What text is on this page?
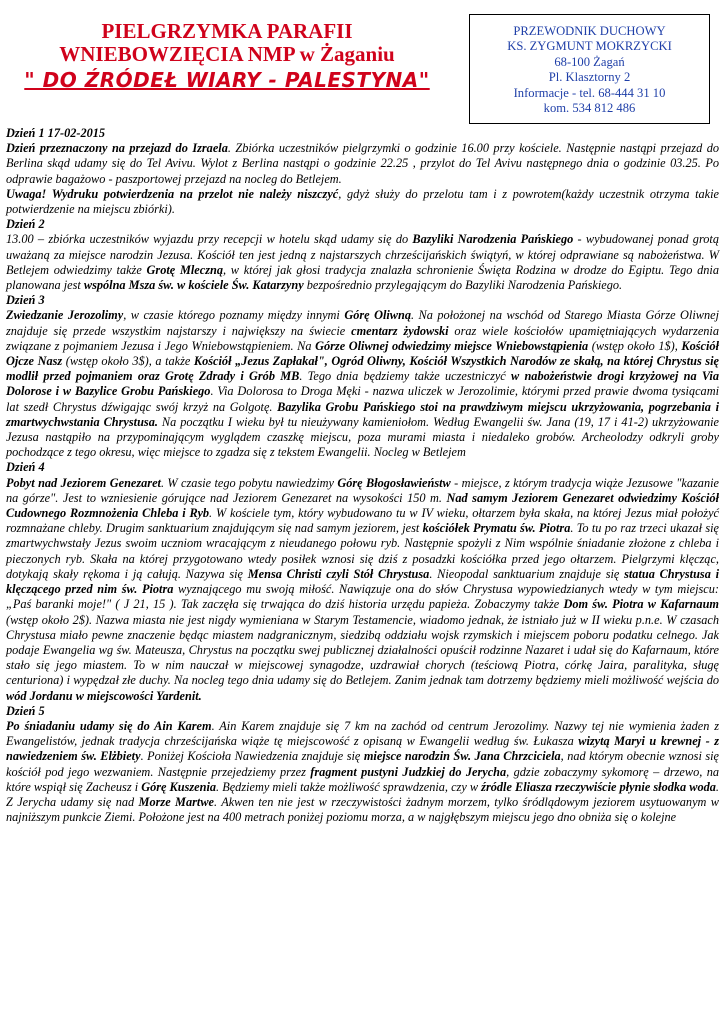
PIELGRZYMKA PARAFII
WNIEBOWZIĘCIA NMP w Żaganiu
" DO ŹRÓDEŁ WIARY - PALESTYNA"
PRZEWODNIK DUCHOWY
KS. ZYGMUNT MOKRZYCKI
68-100 Żagań
Pl. Klasztorny 2
Informacje - tel. 68-444 31 10
kom. 534 812 486
Dzień 1 17-02-2015

Dzień przeznaczony na przejazd do Izraela. Zbiórka uczestników pielgrzymki o godzinie 16.00 przy kościele. Następnie nastąpi przejazd do Berlina skąd udamy się do Tel Avivu. Wylot z Berlina nastąpi o godzinie 22.25 , przylot do Tel Avivu następnego dnia o godzinie 03.25. Po odprawie bagażowo - paszportowej przejazd na nocleg do Betlejem.

Uwaga! Wydruku potwierdzenia na przelot nie należy niszczyć, gdyż służy do przelotu tam i z powrotem(każdy uczestnik otrzyma takie potwierdzenie na miejscu zbiórki).

Dzień 2

13.00 – zbiórka uczestników wyjazdu przy recepcji w hotelu skąd udamy się do Bazyliki Narodzenia Pańskiego - wybudowanej ponad grotą uważaną za miejsce narodzin Jezusa. Kościół ten jest jedną z najstarszych chrześcijańskich świątyń, w której odprawiane są nabożeństwa. W Betlejem odwiedzimy także Grotę Mleczną, w której jak głosi tradycja znalazła schronienie Święta Rodzina w drodze do Egiptu. Tego dnia planowana jest wspólna Msza św. w kościele Św. Katarzyny bezpośrednio przylegającym do Bazyliki Narodzenia Pańskiego.

Dzień 3

Zwiedzanie Jerozolimy, w czasie którego poznamy między innymi Górę Oliwną. Na położonej na wschód od Starego Miasta Górze Oliwnej znajduje się przede wszystkim najstarszy i największy na świecie cmentarz żydowski oraz wiele kościołów upamiętniających wydarzenia związane z pojmaniem Jezusa i Jego Wniebowstąpieniem. Na Górze Oliwnej odwiedzimy miejsce Wniebowstąpienia (wstęp około 1$), Kościół Ojcze Nasz (wstęp około 3$), a także Kościół „Jezus Zapłakał", Ogród Oliwny, Kościół Wszystkich Narodów ze skałą, na której Chrystus się modlił przed pojmaniem oraz Grotę Zdrady i Grób MB. Tego dnia będziemy także uczestniczyć w nabożeństwie drogi krzyżowej na Via Dolorose i w Bazylice Grobu Pańskiego. Via Dolorosa to Droga Męki - nazwa uliczek w Jerozolimie, którymi przed prawie dwoma tysiącami lat szedł Chrystus dźwigając swój krzyż na Golgotę. Bazylika Grobu Pańskiego stoi na prawdziwym miejscu ukrzyżowania, pogrzebania i zmartwychwstania Chrystusa. Na początku I wieku był tu nieużywany kamieniołom. Według Ewangelii św. Jana (19, 17 i 41-2) ukrzyżowanie Jezusa nastąpiło na przypominającym wyglądem czaszkę miejscu, poza murami miasta i niedaleko grobów. Archeolodzy odkryli groby pochodzące z tego okresu, więc miejsce to zgadza się z tekstem Ewangelii. Nocleg w Betlejem

Dzień 4

Pobyt nad Jeziorem Genezaret. W czasie tego pobytu nawiedzimy Górę Błogosławieństw - miejsce, z którym tradycja wiąże Jezusowe "kazanie na górze". Jest to wzniesienie górujące nad Jeziorem Genezaret na wysokości 150 m. Nad samym Jeziorem Genezaret odwiedzimy Kościół Cudownego Rozmnożenia Chleba i Ryb. W kościele tym, który wybudowano tu w IV wieku, ołtarzem była skała, na której Jezus miał położyć rozmnażane chleby. Drugim sanktuarium znajdującym się nad samym jeziorem, jest kościółek Prymatu św. Piotra. To tu po raz trzeci ukazał się zmartwychwstały Jezus swoim uczniom wracającym z nieudanego połowu ryb. Następnie spożyli z Nim wspólnie śniadanie złożone z chleba i pieczonych ryb. Skała na której przygotowano wtedy posiłek wznosi się dziś z posadzki kościółka przed jego ołtarzem. Pielgrzymi klęcząc, dotykają skały rękoma i ją całują. Nazywa się Mensa Christi czyli Stół Chrystusa. Nieopodal sanktuarium znajduje się statua Chrystusa i klęczącego przed nim św. Piotra wyznającego mu swoją miłość. Nawiązuje ona do słów Chrystusa wypowiedzianych wtedy w tym miejscu: „Paś baranki moje!" ( J 21, 15 ). Tak zaczęła się trwająca do dziś historia urzędu papieża. Zobaczymy także Dom św. Piotra w Kafarnaum (wstęp około 2$). Nazwa miasta nie jest nigdy wymieniana w Starym Testamencie, wiadomo jednak, że istniało już w II wieku p.n.e. W czasach Chrystusa miało pewne znaczenie będąc miastem nadgranicznym, siedzibą oddziału wojsk rzymskich i miejscem poboru podatku celnego. Jak podaje Ewangelia wg św. Mateusza, Chrystus na początku swej publicznej działalności opuścił rodzinne Nazaret i udał się do Kafarnaum, które stało się jego miastem. To w nim nauczał w miejscowej synagodze, uzdrawiał chorych (teściową Piotra, córkę Jaira, paralityka, sługę centuriona) i wypędzał złe duchy. Na nocleg tego dnia udamy się do Betlejem. Zanim jednak tam dotrzemy będziemy mieli możliwość wejścia do wód Jordanu w miejscowości Yardenit.

Dzień 5

Po śniadaniu udamy się do Ain Karem. Ain Karem znajduje się 7 km na zachód od centrum Jerozolimy. Nazwy tej nie wymienia żaden z Ewangelistów, jednak tradycja chrześcijańska wiąże tę miejscowość z opisaną w Ewangelii według św. Łukasza wizytą Maryi u krewnej - z nawiedzeniem św. Elżbiety. Poniżej Kościoła Nawiedzenia znajduje się miejsce narodzin Św. Jana Chrzciciela, nad którym obecnie wznosi się kościół pod jego wezwaniem. Następnie przejedziemy przez fragment pustyni Judzkiej do Jerycha, gdzie zobaczymy sykomorę – drzewo, na które wspiął się Zacheusz i Górę Kuszenia. Będziemy mieli także możliwość sprawdzenia, czy w źródle Eliasza rzeczywiście płynie słodka woda. Z Jerycha udamy się nad Morze Martwe. Akwen ten nie jest w rzeczywistości żadnym morzem, tylko śródlądowym jeziorem usytuowanym w najniższym punkcie Ziemi. Położone jest na 400 metrach poniżej poziomu morza, a w najgłębszym miejscu jego dno obniża się o kolejne
